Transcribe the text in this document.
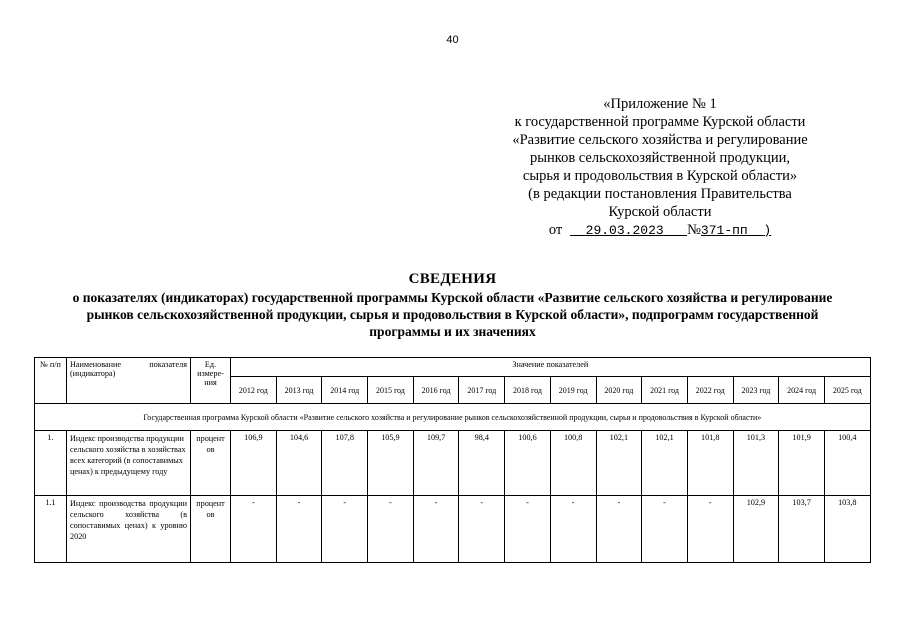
40
«Приложение № 1
к государственной программе Курской области
«Развитие сельского хозяйства и регулирование
рынков сельскохозяйственной продукции,
сырья и продовольствия в Курской области»
(в редакции постановления Правительства
Курской области
от 29.03.2023 №371-пп )
СВЕДЕНИЯ
о показателях (индикаторах) государственной программы Курской области «Развитие сельского хозяйства и регулирование рынков сельскохозяйственной продукции, сырья и продовольствия в Курской области», подпрограмм государственной программы и их значениях
№ п/п	Наименование показателя (индикатора)	Ед. измере-ния	Значение показателей													
			2012 год	2013 год	2014 год	2015 год	2016 год	2017 год	2018 год	2019 год	2020 год	2021 год	2022 год	2023 год	2024 год	2025 год
Государственная программа Курской области «Развитие сельского хозяйства и регулирование рынков сельскохозяйственной продукции, сырья и продовольствия в Курской области»																
1.	Индекс производства продукции сельского хозяйства в хозяйствах всех категорий (в сопоставимых ценах) к предыдущему году	процент ов	106,9	104,6	107,8	105,9	109,7	98,4	100,6	100,8	102,1	102,1	101,8	101,3	101,9	100,4
1.1	Индекс производства продукции сельского хозяйства (в сопоставимых ценах) к уровню 2020	процент ов	-	-	-	-	-	-	-	-	-	-	-	102,9	103,7	103,8
